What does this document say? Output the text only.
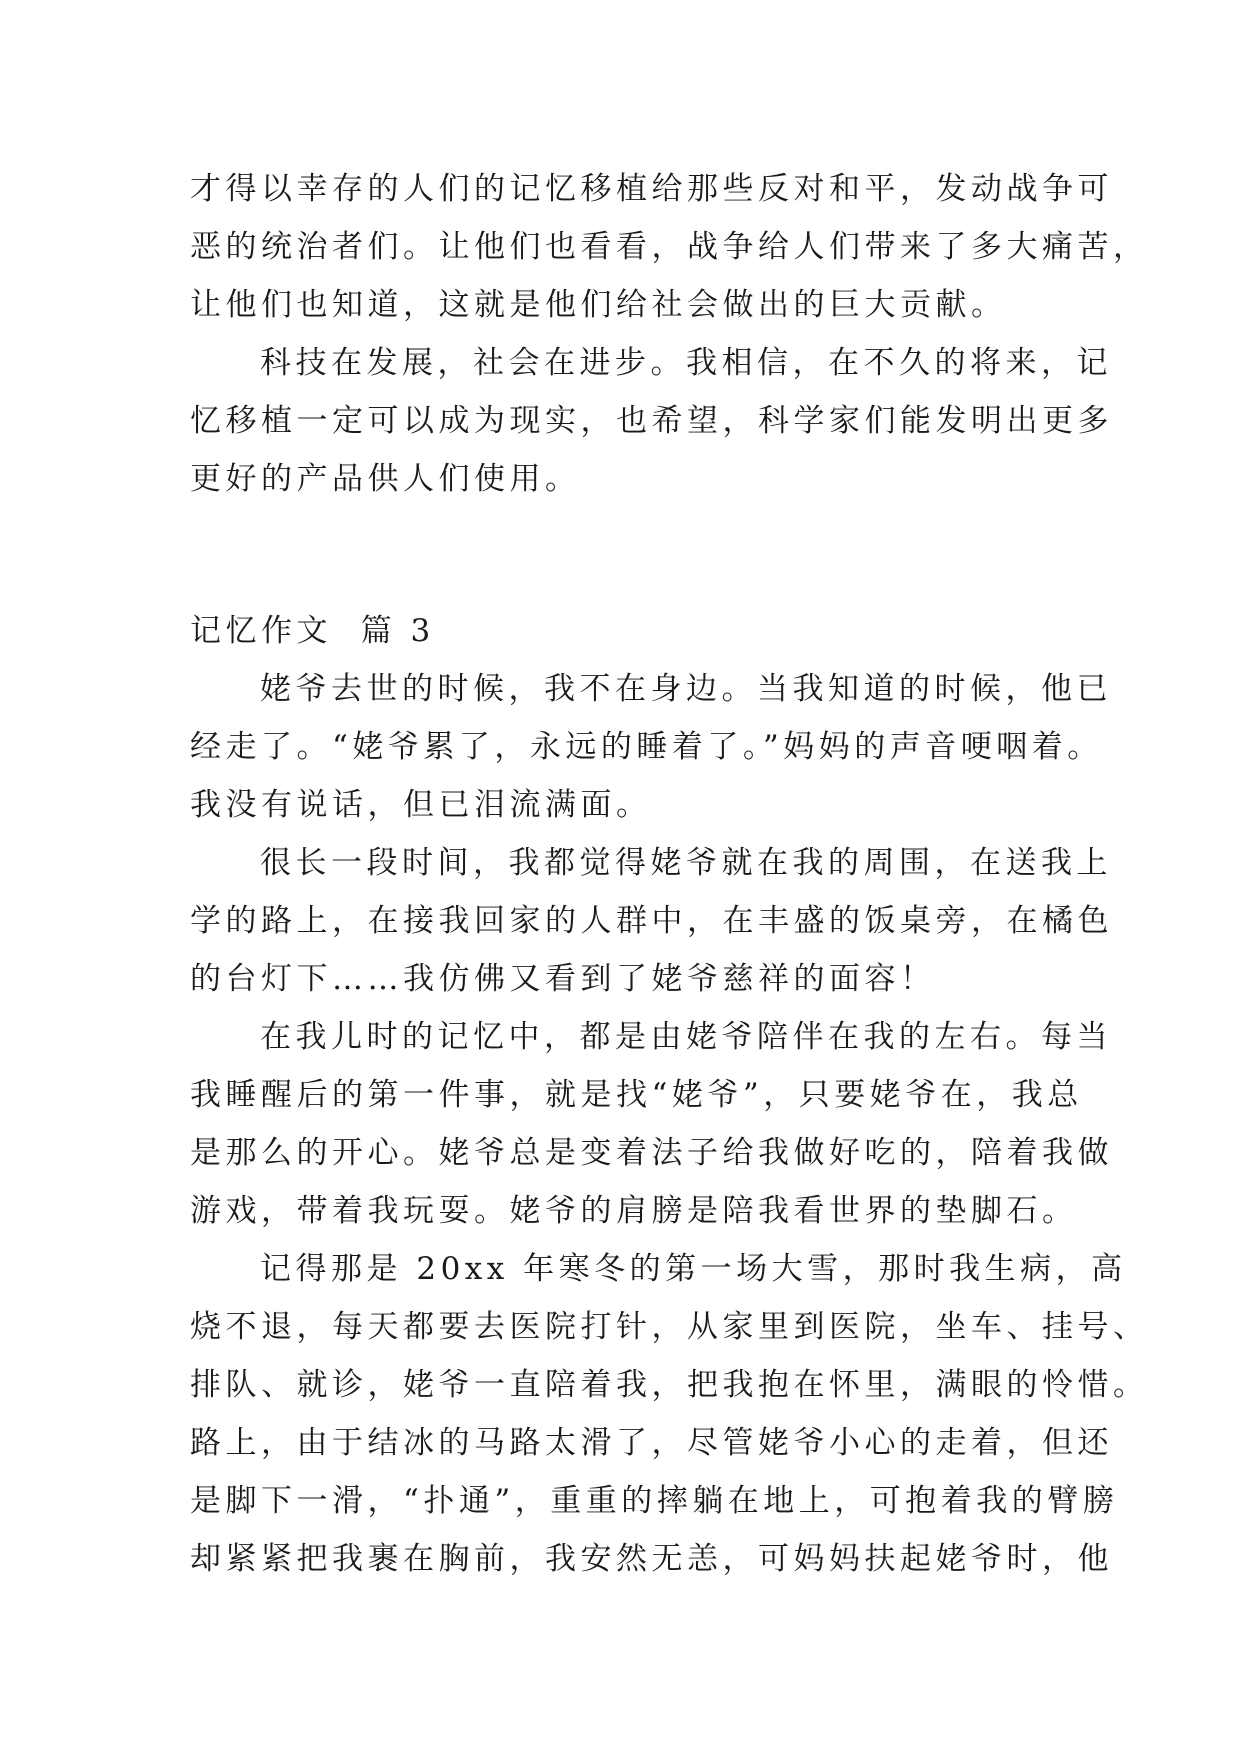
才得以幸存的人们的记忆移植给那些反对和平，发动战争可
恶的统治者们。让他们也看看，战争给人们带来了多大痛苦，
让他们也知道，这就是他们给社会做出的巨大贡献。
科技在发展，社会在进步。我相信，在不久的将来，记
忆移植一定可以成为现实，也希望，科学家们能发明出更多
更好的产品供人们使用。
记忆作文  篇 3
姥爷去世的时候，我不在身边。当我知道的时候，他已
经走了。“姥爷累了，永远的睡着了。”妈妈的声音哽咽着。
我没有说话，但已泪流满面。
很长一段时间，我都觉得姥爷就在我的周围，在送我上
学的路上，在接我回家的人群中，在丰盛的饭桌旁，在橘色
的台灯下……我仿佛又看到了姥爷慈祥的面容！
在我儿时的记忆中，都是由姥爷陪伴在我的左右。每当
我睡醒后的第一件事，就是找“姥爷”，只要姥爷在，我总
是那么的开心。姥爷总是变着法子给我做好吃的，陪着我做
游戏，带着我玩耍。姥爷的肩膀是陪我看世界的垫脚石。
记得那是 20xx 年寒冬的第一场大雪，那时我生病，高
烧不退，每天都要去医院打针，从家里到医院，坐车、挂号、
排队、就诊，姥爷一直陪着我，把我抱在怀里，满眼的怜惜。
路上，由于结冰的马路太滑了，尽管姥爷小心的走着，但还
是脚下一滑，“扑通”，重重的摔躺在地上，可抱着我的臂膀
却紧紧把我裹在胸前，我安然无恙，可妈妈扶起姥爷时，他
